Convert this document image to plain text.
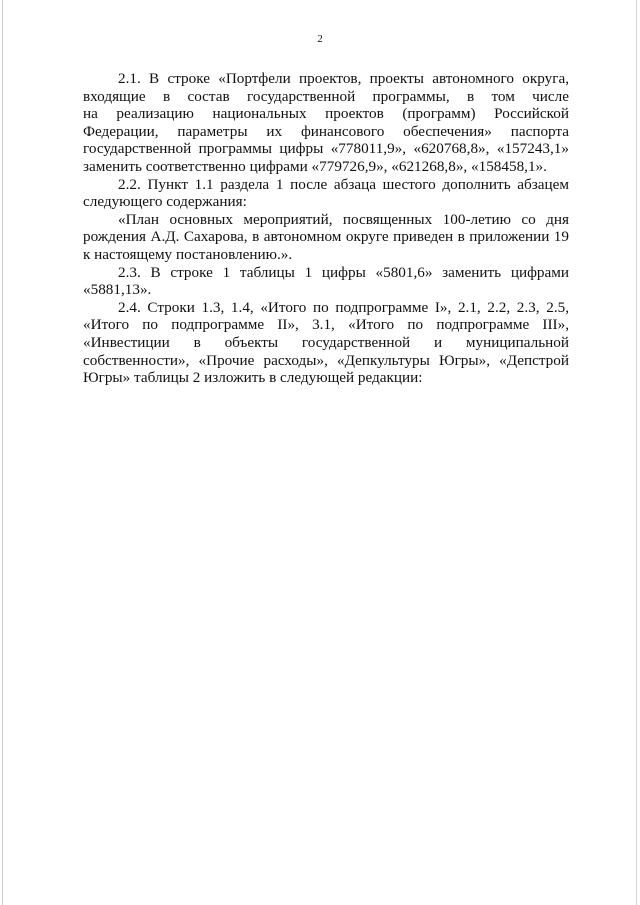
2
2.1. В строке «Портфели проектов, проекты автономного округа,
входящие в состав государственной программы, в том числе
на реализацию национальных проектов (программ) Российской
Федерации, параметры их финансового обеспечения» паспорта
государственной программы цифры «778011,9», «620768,8», «157243,1»
заменить соответственно цифрами «779726,9», «621268,8», «158458,1».
2.2. Пункт 1.1 раздела 1 после абзаца шестого дополнить абзацем
следующего содержания:
«План основных мероприятий, посвященных 100-летию со дня
рождения А.Д. Сахарова, в автономном округе приведен в приложении 19
к настоящему постановлению.».
2.3. В строке 1 таблицы 1 цифры «5801,6» заменить цифрами
«5881,13».
2.4. Строки 1.3, 1.4, «Итого по подпрограмме I», 2.1, 2.2, 2.3, 2.5,
«Итого по подпрограмме II», 3.1, «Итого по подпрограмме III»,
«Инвестиции в объекты государственной и муниципальной
собственности», «Прочие расходы», «Депкультуры Югры», «Депстрой
Югры» таблицы 2 изложить в следующей редакции:
